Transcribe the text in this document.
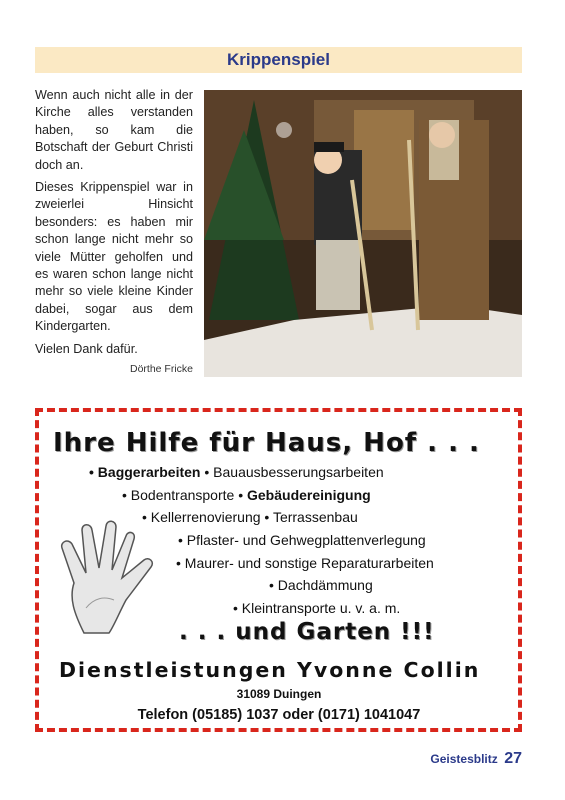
Krippenspiel

Wenn auch nicht alle in der Kirche alles verstanden haben, so kam die Botschaft der Geburt Christi doch an.

Dieses Krippenspiel war in zweierlei Hinsicht besonders: es haben mir schon lange nicht mehr so viele Mütter geholfen und es waren schon lange nicht mehr so viele kleine Kinder dabei, sogar aus dem Kindergarten.

Vielen Dank dafür.

Dörthe Fricke
Ihre Hilfe für Haus, Hof . . .
• Baggerarbeiten • Bauausbesserungsarbeiten
• Bodentransporte • Gebäudereinigung
• Kellerrenovierung • Terrassenbau
• Pflaster- und Gehwegplattenverlegung
• Maurer- und sonstige Reparaturarbeiten
• Dachdämmung
• Kleintransporte u. v. a. m.
. . . und Garten !!!
Dienstleistungen Yvonne Collin
31089 Duingen
Telefon (05185) 1037 oder (0171) 1041047
Geistesblitz 27
